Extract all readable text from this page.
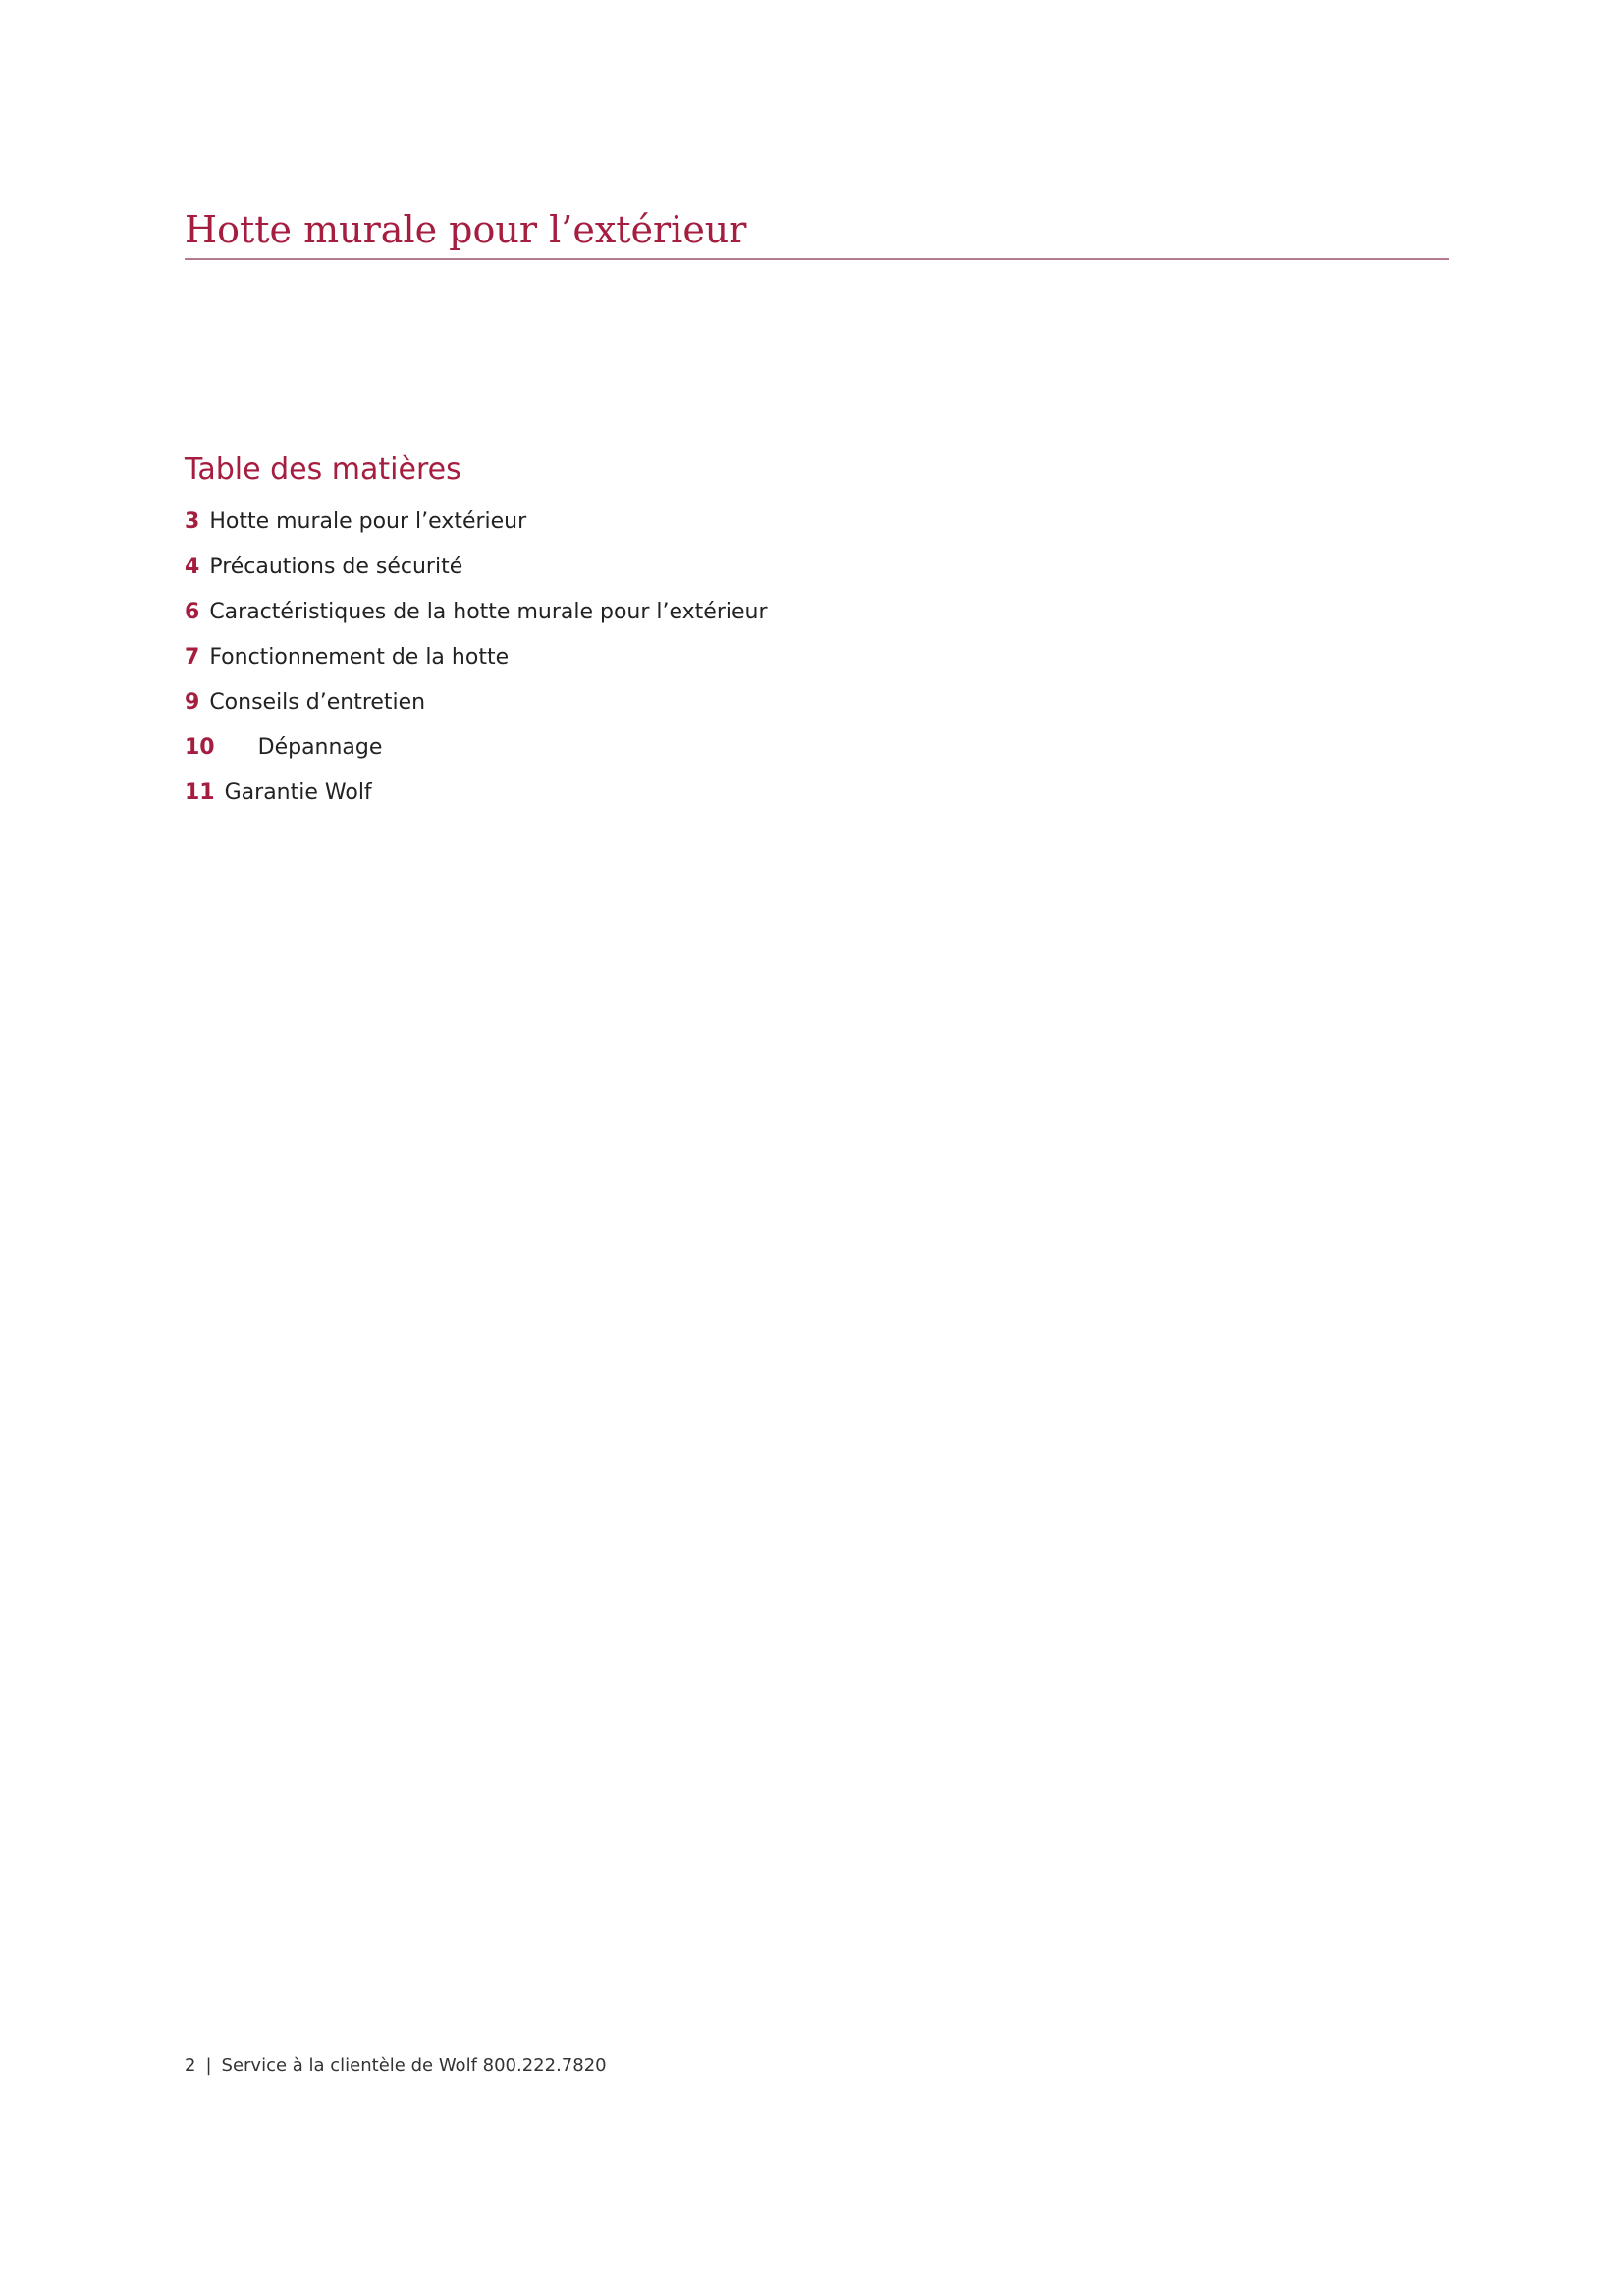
Hotte murale pour l’extérieur
Table des matières
3 Hotte murale pour l’extérieur
4 Précautions de sécurité
6 Caractéristiques de la hotte murale pour l’extérieur
7 Fonctionnement de la hotte
9 Conseils d’entretien
10 Dépannage
11 Garantie Wolf
2 | Service à la clientèle de Wolf 800.222.7820
